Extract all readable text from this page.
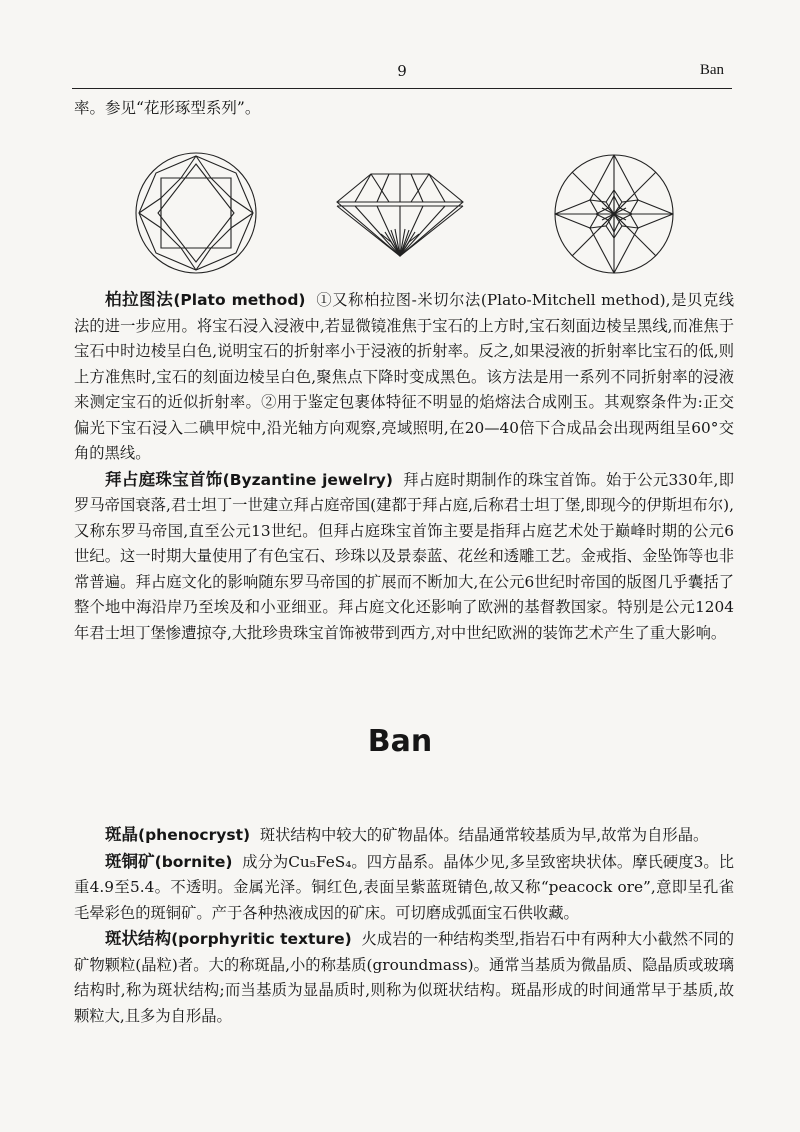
9	Ban
率。参见“花形琢型系列”。

柏拉图法(Plato method) ①又称柏拉图-米切尔法(Plato-Mitchell method),是贝克线法的进一步应用。将宝石浸入浸液中,若显微镜准焦于宝石的上方时,宝石刻面边棱呈黑线,而准焦于宝石中时边棱呈白色,说明宝石的折射率小于浸液的折射率。反之,如果浸液的折射率比宝石的低,则上方准焦时,宝石的刻面边棱呈白色,聚焦点下降时变成黑色。该方法是用一系列不同折射率的浸液来测定宝石的近似折射率。②用于鉴定包裹体特征不明显的焰熔法合成刚玉。其观察条件为:正交偏光下宝石浸入二碘甲烷中,沿光轴方向观察,亮域照明,在20—40倍下合成品会出现两组呈60°交角的黑线。

拜占庭珠宝首饰(Byzantine jewelry) 拜占庭时期制作的珠宝首饰。始于公元330年,即罗马帝国衰落,君士坦丁一世建立拜占庭帝国(建都于拜占庭,后称君士坦丁堡,即现今的伊斯坦布尔),又称东罗马帝国,直至公元13世纪。但拜占庭珠宝首饰主要是指拜占庭艺术处于巅峰时期的公元6世纪。这一时期大量使用了有色宝石、珍珠以及景泰蓝、花丝和透雕工艺。金戒指、金坠饰等也非常普遍。拜占庭文化的影响随东罗马帝国的扩展而不断加大,在公元6世纪时帝国的版图几乎囊括了整个地中海沿岸乃至埃及和小亚细亚。拜占庭文化还影响了欧洲的基督教国家。特别是公元1204年君士坦丁堡惨遭掠夺,大批珍贵珠宝首饰被带到西方,对中世纪欧洲的装饰艺术产生了重大影响。

Ban

斑晶(phenocryst) 斑状结构中较大的矿物晶体。结晶通常较基质为早,故常为自形晶。

斑铜矿(bornite) 成分为Cu₅FeS₄。四方晶系。晶体少见,多呈致密块状体。摩氏硬度3。比重4.9至5.4。不透明。金属光泽。铜红色,表面呈紫蓝斑锖色,故又称“peacock ore”,意即呈孔雀毛晕彩色的斑铜矿。产于各种热液成因的矿床。可切磨成弧面宝石供收藏。

斑状结构(porphyritic texture) 火成岩的一种结构类型,指岩石中有两种大小截然不同的矿物颗粒(晶粒)者。大的称斑晶,小的称基质(groundmass)。通常当基质为微晶质、隐晶质或玻璃结构时,称为斑状结构;而当基质为显晶质时,则称为似斑状结构。斑晶形成的时间通常早于基质,故颗粒大,且多为自形晶。
